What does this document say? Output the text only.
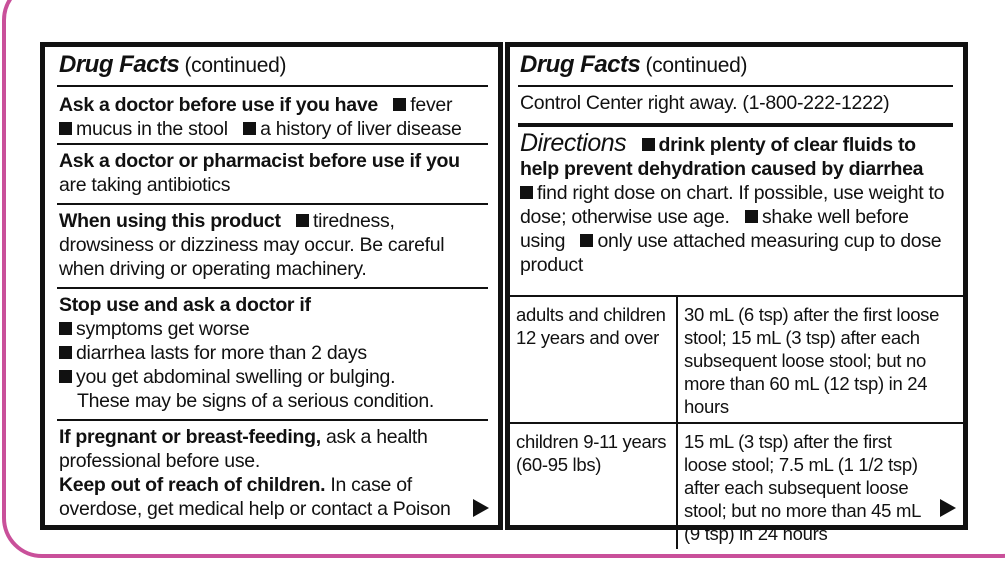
Drug Facts (continued)
Ask a doctor before use if you have fever
mucus in the stool a history of liver disease
Ask a doctor or pharmacist before use if you
are taking antibiotics
When using this product tiredness, drowsiness or dizziness may occur. Be careful when driving or operating machinery.
Stop use and ask a doctor if
symptoms get worse
diarrhea lasts for more than 2 days
you get abdominal swelling or bulging.
These may be signs of a serious condition.
If pregnant or breast-feeding, ask a health professional before use.
Keep out of reach of children. In case of overdose, get medical help or contact a Poison
Drug Facts (continued)
Control Center right away. (1-800-222-1222)
Directions drink plenty of clear fluids to help prevent dehydration caused by diarrhea
find right dose on chart. If possible, use weight to dose; otherwise use age. shake well before using only use attached measuring cup to dose product
adults and children 12 years and over	30 mL (6 tsp) after the first loose stool; 15 mL (3 tsp) after each subsequent loose stool; but no more than 60 mL (12 tsp) in 24 hours
children 9-11 years (60-95 lbs)	15 mL (3 tsp) after the first loose stool; 7.5 mL (1 1/2 tsp) after each subsequent loose stool; but no more than 45 mL (9 tsp) in 24 hours
